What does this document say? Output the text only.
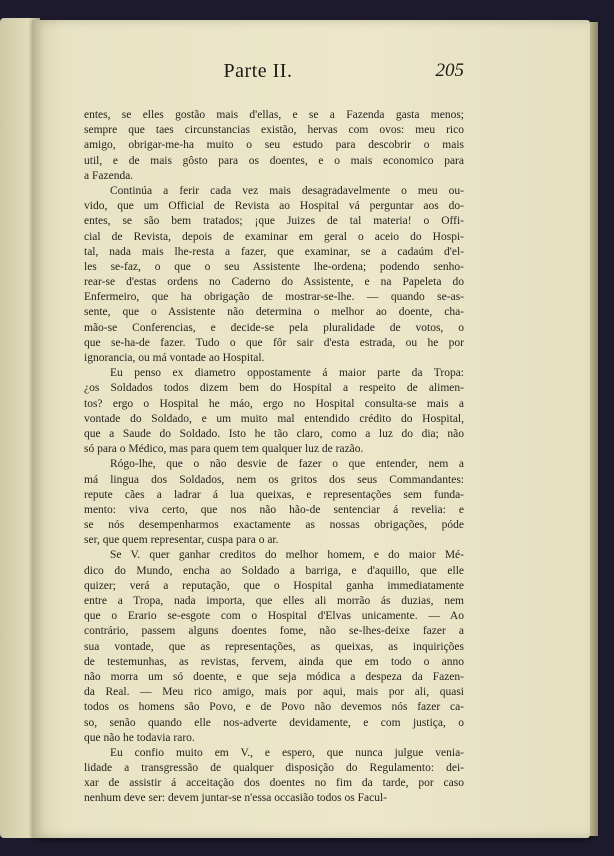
Parte II.	205
entes, se elles gostão mais d'ellas, e se a Fazenda gasta menos;
sempre que taes circunstancias existão, hervas com ovos: meu rico
amigo, obrigar-me-ha muito o seu estudo para descobrir o mais
util, e de mais gôsto para os doentes, e o mais economico para
a Fazenda.
Continúa a ferir cada vez mais desagradavelmente o meu ou-
vido, que um Official de Revista ao Hospital vá perguntar aos do-
entes, se são bem tratados; ¡que Juizes de tal materia! o Offi-
cial de Revista, depois de examinar em geral o aceio do Hospi-
tal, nada mais lhe-resta a fazer, que examinar, se a cadaúm d'el-
les se-faz, o que o seu Assistente lhe-ordena; podendo senho-
rear-se d'estas ordens no Caderno do Assistente, e na Papeleta do
Enfermeiro, que ha obrigação de mostrar-se-lhe. — quando se-as-
sente, que o Assistente não determina o melhor ao doente, cha-
mão-se Conferencias, e decide-se pela pluralidade de votos, o
que se-ha-de fazer. Tudo o que fôr sair d'esta estrada, ou he por
ignorancia, ou má vontade ao Hospital.
Eu penso ex diametro oppostamente á maior parte da Tropa:
¿os Soldados todos dizem bem do Hospital a respeito de alimen-
tos? ergo o Hospital he máo, ergo no Hospital consulta-se mais a
vontade do Soldado, e um muito mal entendido crédito do Hospital,
que a Saude do Soldado. Isto he tão claro, como a luz do dia; não
só para o Médico, mas para quem tem qualquer luz de razão.
Rógo-lhe, que o não desvie de fazer o que entender, nem a
má lingua dos Soldados, nem os gritos dos seus Commandantes:
repute cães a ladrar á lua queixas, e representações sem funda-
mento: viva certo, que nos não hão-de sentenciar á revelia: e
se nós desempenharmos exactamente as nossas obrigações, póde
ser, que quem representar, cuspa para o ar.
Se V. quer ganhar creditos do melhor homem, e do maior Mé-
dico do Mundo, encha ao Soldado a barriga, e d'aquillo, que elle
quizer; verá a reputação, que o Hospital ganha immediatamente
entre a Tropa, nada importa, que elles ali morrão ás duzias, nem
que o Erario se-esgote com o Hospital d'Elvas unicamente. — Ao
contrário, passem alguns doentes fome, não se-lhes-deixe fazer a
sua vontade, que as representações, as queixas, as inquirições
de testemunhas, as revistas, fervem, ainda que em todo o anno
não morra um só doente, e que seja módica a despeza da Fazen-
da Real. — Meu rico amigo, mais por aqui, mais por ali, quasi
todos os homens são Povo, e de Povo não devemos nós fazer ca-
so, senão quando elle nos-adverte devidamente, e com justiça, o
que não he todavia raro.
Eu confio muito em V., e espero, que nunca julgue venia-
lidade a transgressão de qualquer disposição do Regulamento: dei-
xar de assistir á acceitação dos doentes no fim da tarde, por caso
nenhum deve ser: devem juntar-se n'essa occasião todos os Facul-
